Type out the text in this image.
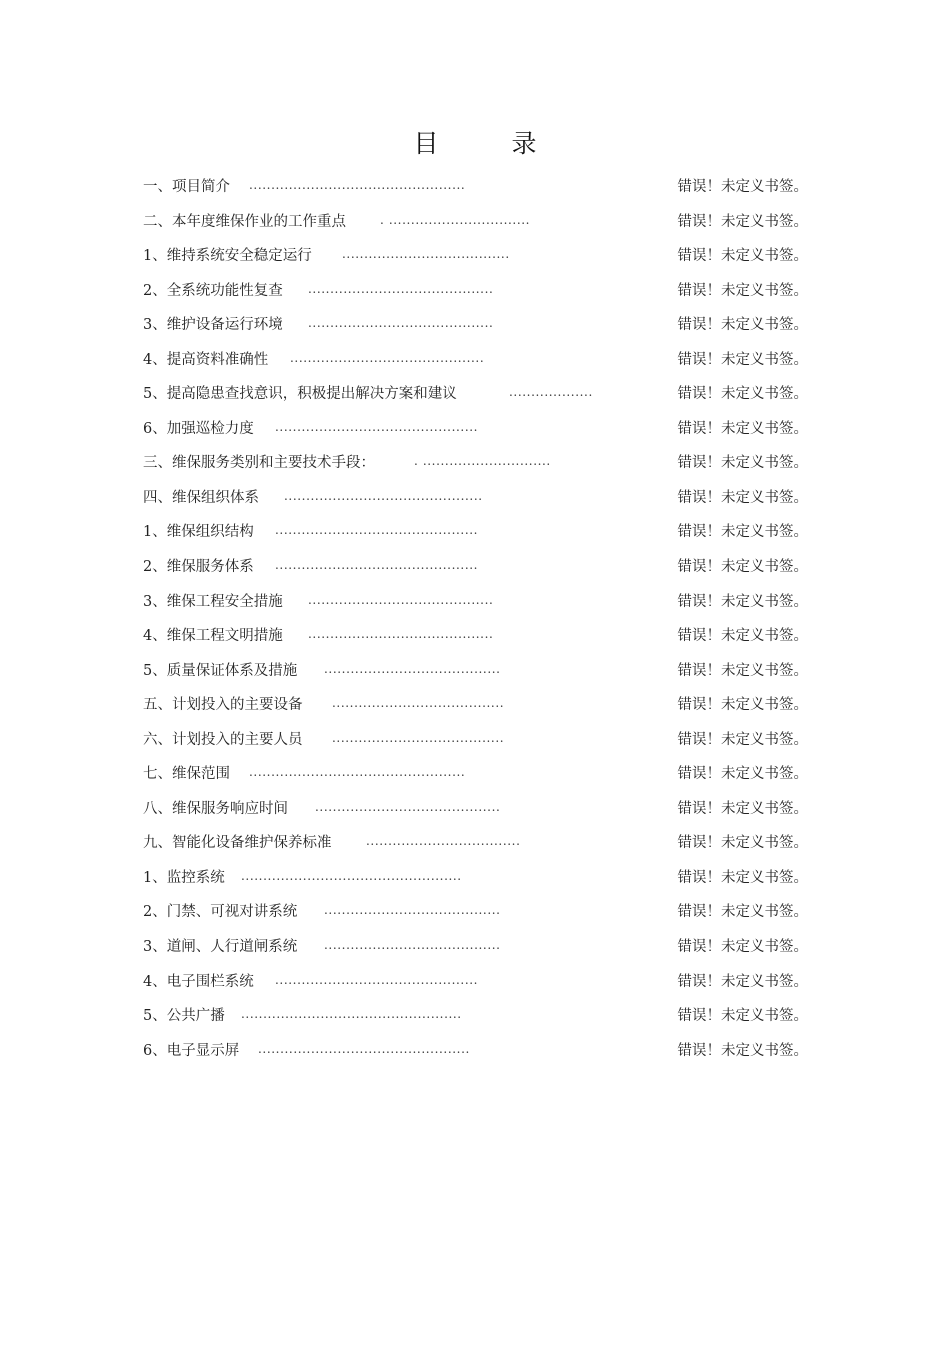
目　录
一、项目简介 .................................................	错误！未定义书签。
二、本年度维保作业的工作重点	. ................................	错误！未定义书签。
1、维持系统安全稳定运行	......................................	错误！未定义书签。
2、全系统功能性复查 ..........................................	错误！未定义书签。
3、维护设备运行环境 ..........................................	错误！未定义书签。
4、提高资料准确性 ............................................	错误！未定义书签。
5、提高隐患查找意识，积极提出解决方案和建议	...................	错误！未定义书签。
6、加强巡检力度 ..............................................	错误！未定义书签。
三、维保服务类别和主要技术手段：	. .............................	错误！未定义书签。
四、维保组织体系 .............................................	错误！未定义书签。
1、维保组织结构 ..............................................	错误！未定义书签。
2、维保服务体系 ..............................................	错误！未定义书签。
3、维保工程安全措施 ..........................................	错误！未定义书签。
4、维保工程文明措施 ..........................................	错误！未定义书签。
5、质量保证体系及措施 ........................................	错误！未定义书签。
五、计划投入的主要设备 .......................................	错误！未定义书签。
六、计划投入的主要人员 .......................................	错误！未定义书签。
七、维保范围 .................................................	错误！未定义书签。
八、维保服务响应时间 ..........................................	错误！未定义书签。
九、智能化设备维护保养标准	...................................	错误！未定义书签。
1、监控系统 ..................................................	错误！未定义书签。
2、门禁、可视对讲系统 ........................................	错误！未定义书签。
3、道闸、人行道闸系统 ........................................	错误！未定义书签。
4、电子围栏系统 ..............................................	错误！未定义书签。
5、公共广播 ..................................................	错误！未定义书签。
6、电子显示屏 ................................................	错误！未定义书签。
